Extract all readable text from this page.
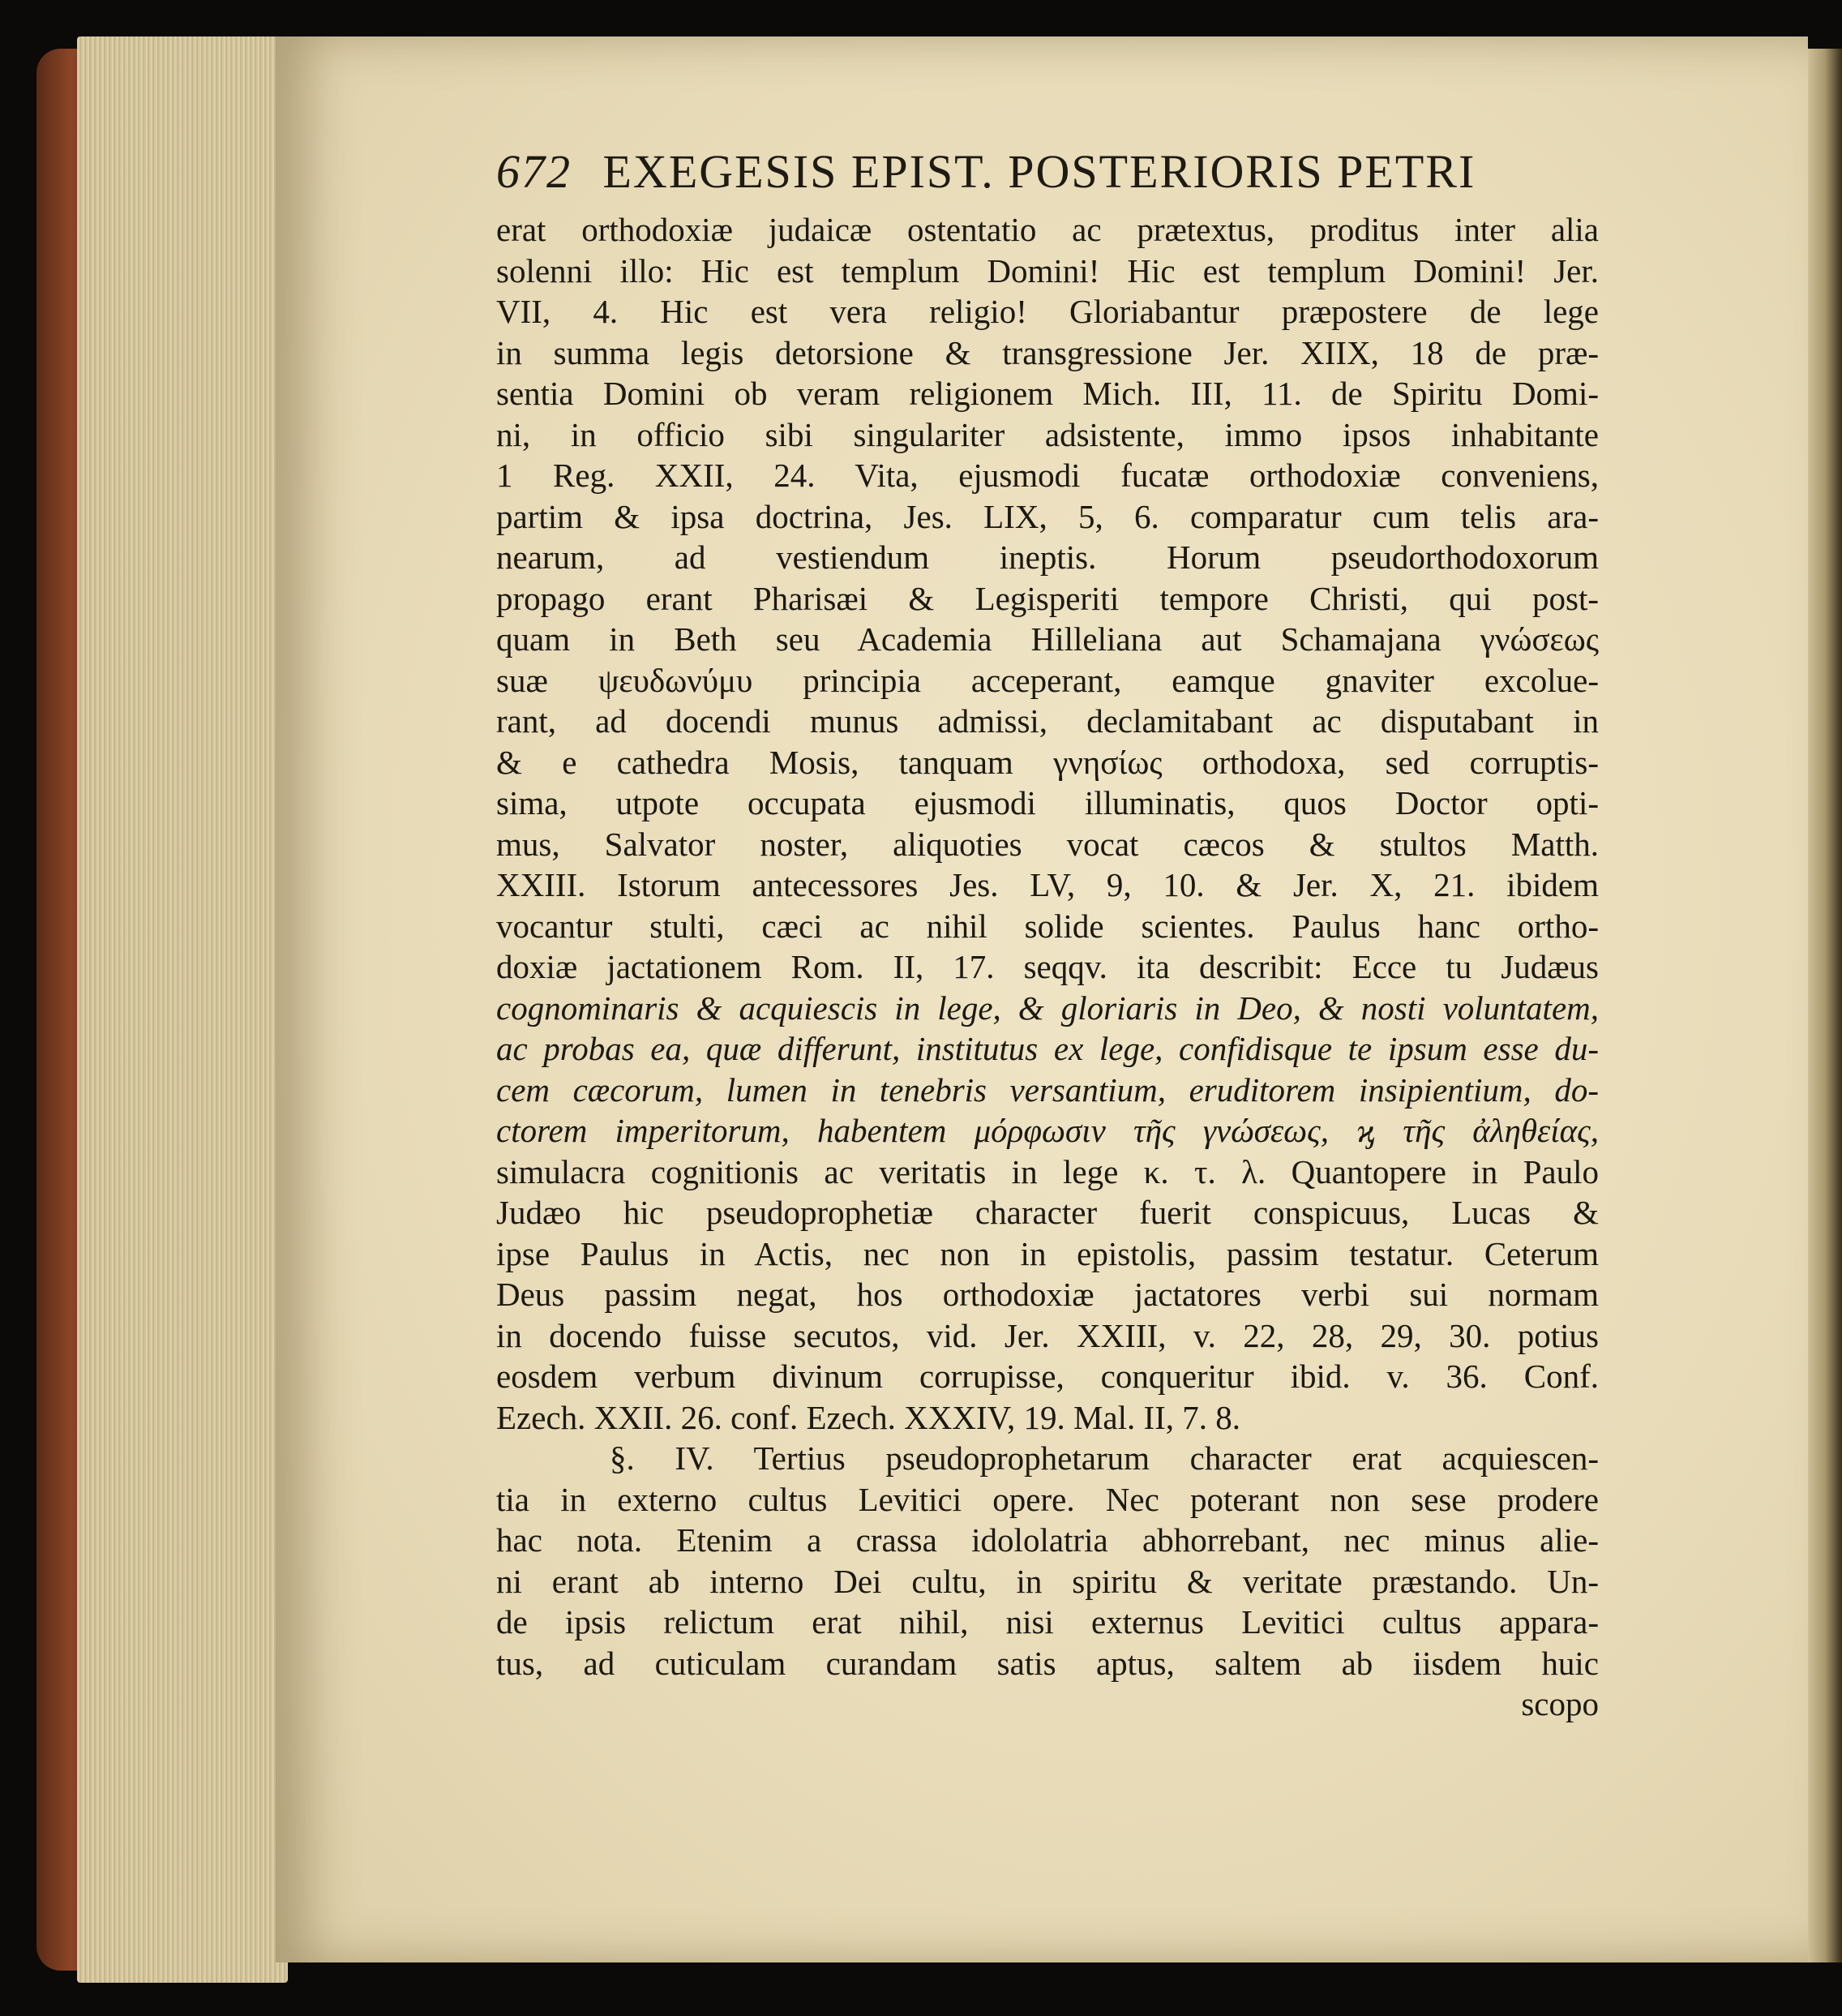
672 EXEGESIS EPIST. POSTERIORIS PETRI
erat orthodoxiæ judaicæ ostentatio ac prætextus, proditus inter alia
solenni illo: Hic est templum Domini! Hic est templum Domini! Jer.
VII, 4. Hic est vera religio! Gloriabantur præpostere de lege
in summa legis detorsione & transgressione Jer. XIIX, 18 de præ-
sentia Domini ob veram religionem Mich. III, 11. de Spiritu Domi-
ni, in officio sibi singulariter adsistente, immo ipsos inhabitante
1 Reg. XXII, 24. Vita, ejusmodi fucatæ orthodoxiæ conveniens,
partim & ipsa doctrina, Jes. LIX, 5, 6. comparatur cum telis ara-
nearum, ad vestiendum ineptis. Horum pseudorthodoxorum
propago erant Pharisæi & Legisperiti tempore Christi, qui post-
quam in Beth seu Academia Hilleliana aut Schamajana γνώσεως
suæ ψευδωνύμυ principia acceperant, eamque gnaviter excolue-
rant, ad docendi munus admissi, declamitabant ac disputabant in
& e cathedra Mosis, tanquam γνησίως orthodoxa, sed corruptis-
sima, utpote occupata ejusmodi illuminatis, quos Doctor opti-
mus, Salvator noster, aliquoties vocat cæcos & stultos Matth.
XXIII. Istorum antecessores Jes. LV, 9, 10. & Jer. X, 21. ibidem
vocantur stulti, cæci ac nihil solide scientes. Paulus hanc ortho-
doxiæ jactationem Rom. II, 17. seqqv. ita describit: Ecce tu Judæus
cognominaris & acquiescis in lege, & gloriaris in Deo, & nosti voluntatem,
ac probas ea, quæ differunt, institutus ex lege, confidisque te ipsum esse du-
cem cæcorum, lumen in tenebris versantium, eruditorem insipientium, do-
ctorem imperitorum, habentem μόρφωσιν τῆς γνώσεως, ϗ τῆς ἀληθείας,
simulacra cognitionis ac veritatis in lege κ. τ. λ. Quantopere in Paulo
Judæo hic pseudoprophetiæ character fuerit conspicuus, Lucas &
ipse Paulus in Actis, nec non in epistolis, passim testatur. Ceterum
Deus passim negat, hos orthodoxiæ jactatores verbi sui normam
in docendo fuisse secutos, vid. Jer. XXIII, v. 22, 28, 29, 30. potius
eosdem verbum divinum corrupisse, conqueritur ibid. v. 36. Conf.
Ezech. XXII. 26. conf. Ezech. XXXIV, 19. Mal. II, 7. 8.
§. IV. Tertius pseudoprophetarum character erat acquiescen-
tia in externo cultus Levitici opere. Nec poterant non sese prodere
hac nota. Etenim a crassa idololatria abhorrebant, nec minus alie-
ni erant ab interno Dei cultu, in spiritu & veritate præstando. Un-
de ipsis relictum erat nihil, nisi externus Levitici cultus appara-
tus, ad cuticulam curandam satis aptus, saltem ab iisdem huic
scopo
